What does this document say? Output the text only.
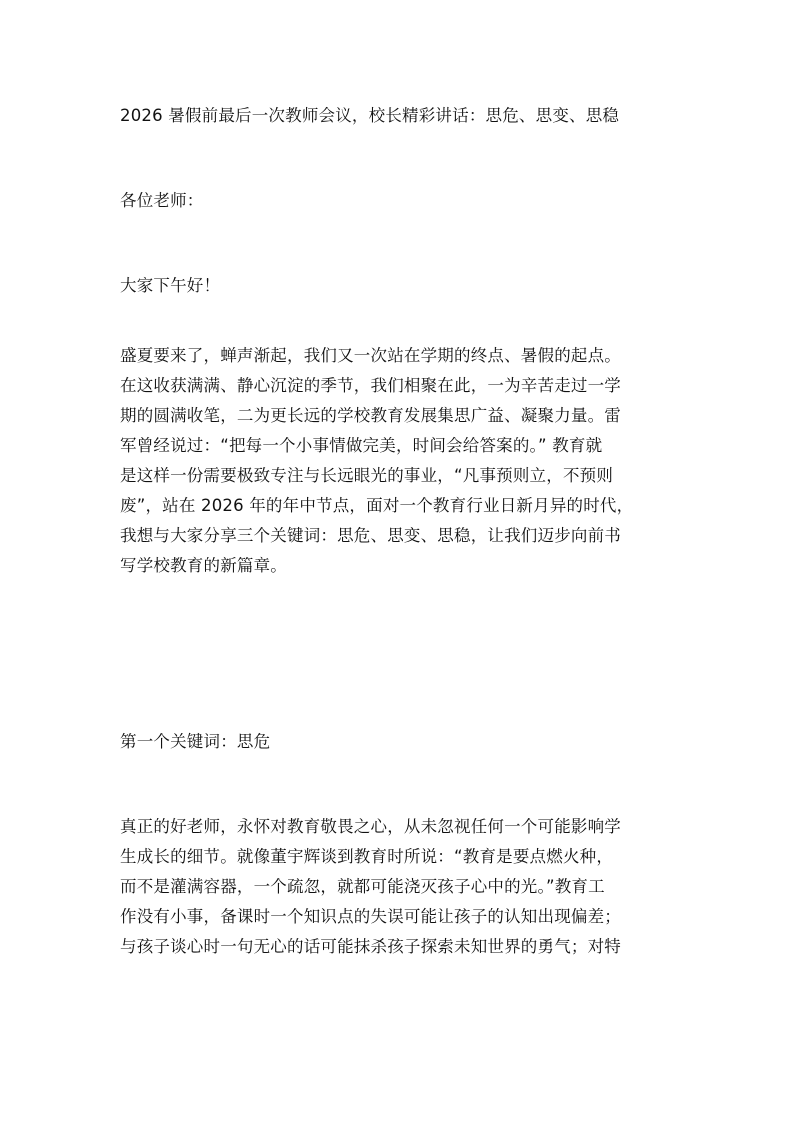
2026 暑假前最后一次教师会议，校长精彩讲话：思危、思变、思稳

各位老师：

大家下午好！

盛夏要来了，蝉声渐起，我们又一次站在学期的终点、暑假的起点。
在这收获满满、静心沉淀的季节，我们相聚在此，一为辛苦走过一学
期的圆满收笔，二为更长远的学校教育发展集思广益、凝聚力量。雷
军曾经说过：“把每一个小事情做完美，时间会给答案的。” 教育就
是这样一份需要极致专注与长远眼光的事业，“凡事预则立，不预则
废”，站在 2026 年的年中节点，面对一个教育行业日新月异的时代，
我想与大家分享三个关键词：思危、思变、思稳，让我们迈步向前书
写学校教育的新篇章。

第一个关键词：思危

真正的好老师，永怀对教育敬畏之心，从未忽视任何一个可能影响学
生成长的细节。就像董宇辉谈到教育时所说：“教育是要点燃火种，
而不是灌满容器，一个疏忽，就都可能浇灭孩子心中的光。”教育工
作没有小事，备课时一个知识点的失误可能让孩子的认知出现偏差；
与孩子谈心时一句无心的话可能抹杀孩子探索未知世界的勇气；对特
